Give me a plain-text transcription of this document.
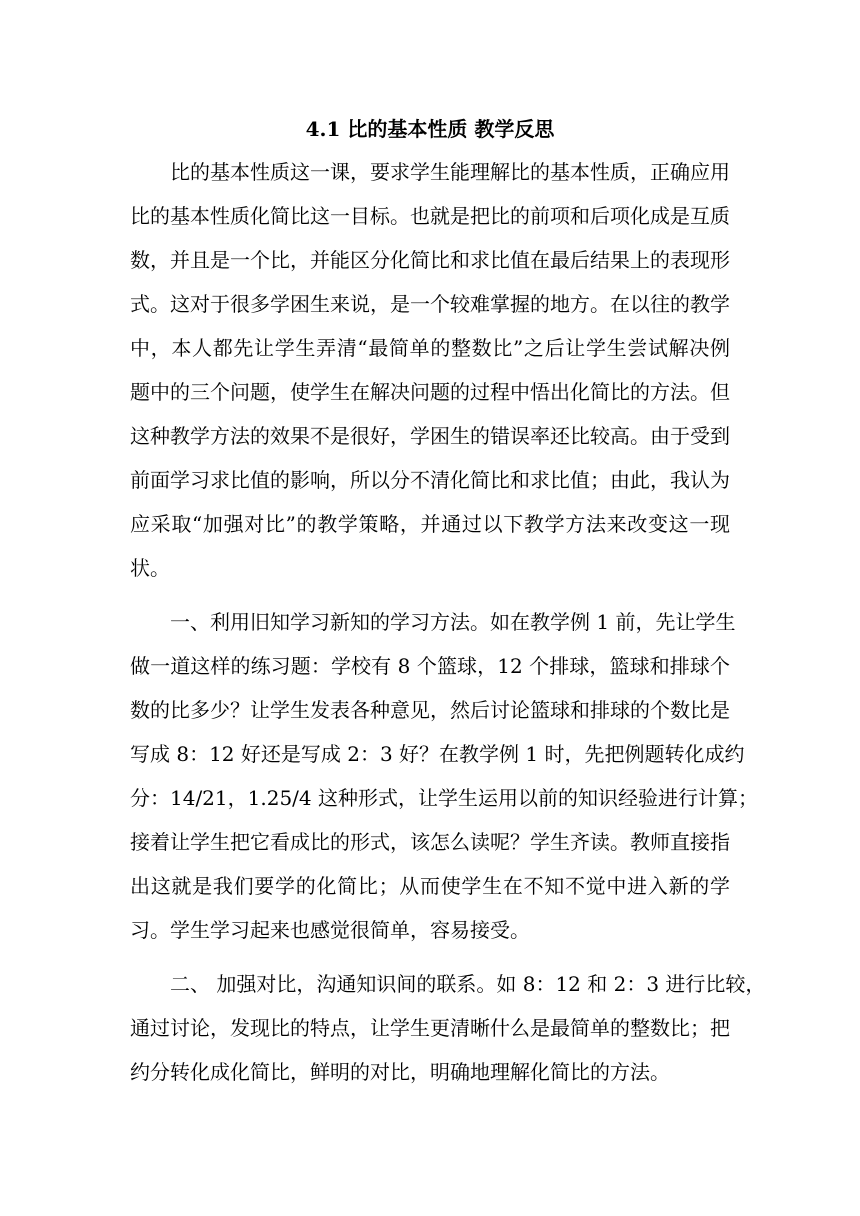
4.1 比的基本性质 教学反思
比的基本性质这一课，要求学生能理解比的基本性质，正确应用
比的基本性质化简比这一目标。也就是把比的前项和后项化成是互质
数，并且是一个比，并能区分化简比和求比值在最后结果上的表现形
式。这对于很多学困生来说，是一个较难掌握的地方。在以往的教学
中，本人都先让学生弄清“最简单的整数比”之后让学生尝试解决例
题中的三个问题，使学生在解决问题的过程中悟出化简比的方法。但
这种教学方法的效果不是很好，学困生的错误率还比较高。由于受到
前面学习求比值的影响，所以分不清化简比和求比值；由此，我认为
应采取“加强对比”的教学策略，并通过以下教学方法来改变这一现
状。
一、利用旧知学习新知的学习方法。如在教学例 1 前，先让学生
做一道这样的练习题：学校有 8 个篮球，12 个排球，篮球和排球个
数的比多少？让学生发表各种意见，然后讨论篮球和排球的个数比是
写成 8：12 好还是写成 2：3 好？在教学例 1 时，先把例题转化成约
分：14/21，1.25/4 这种形式，让学生运用以前的知识经验进行计算；
接着让学生把它看成比的形式，该怎么读呢？学生齐读。教师直接指
出这就是我们要学的化简比；从而使学生在不知不觉中进入新的学
习。学生学习起来也感觉很简单，容易接受。
二、 加强对比，沟通知识间的联系。如 8：12 和 2：3 进行比较，
通过讨论，发现比的特点，让学生更清晰什么是最简单的整数比；把
约分转化成化简比，鲜明的对比，明确地理解化简比的方法。
